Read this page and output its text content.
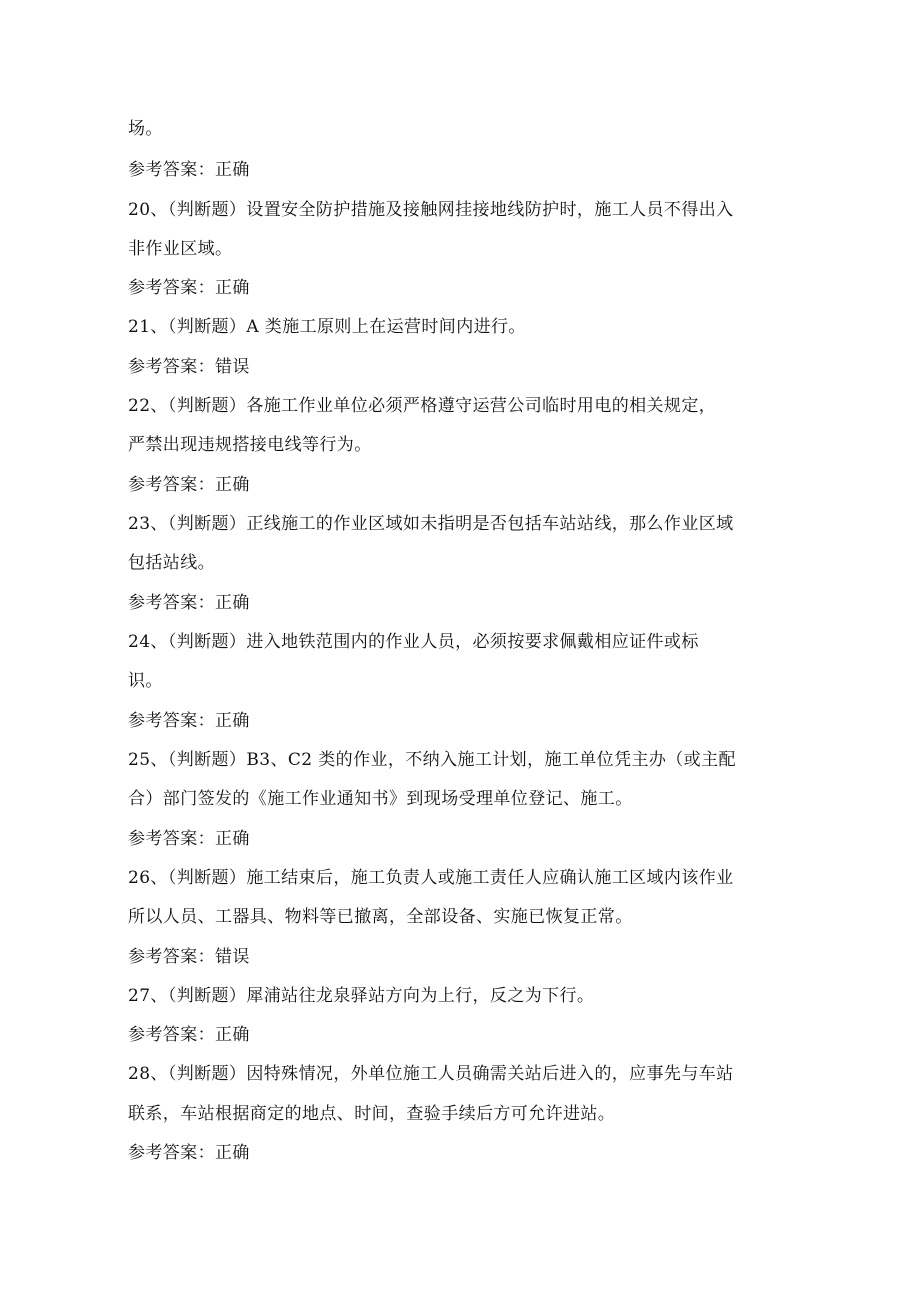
场。
参考答案：正确
20、（判断题）设置安全防护措施及接触网挂接地线防护时，施工人员不得出入
非作业区域。
参考答案：正确
21、（判断题）A 类施工原则上在运营时间内进行。
参考答案：错误
22、（判断题）各施工作业单位必须严格遵守运营公司临时用电的相关规定，
严禁出现违规搭接电线等行为。
参考答案：正确
23、（判断题）正线施工的作业区域如未指明是否包括车站站线，那么作业区域
包括站线。
参考答案：正确
24、（判断题）进入地铁范围内的作业人员，必须按要求佩戴相应证件或标
识。
参考答案：正确
25、（判断题）B3、C2 类的作业，不纳入施工计划，施工单位凭主办（或主配
合）部门签发的《施工作业通知书》到现场受理单位登记、施工。
参考答案：正确
26、（判断题）施工结束后，施工负责人或施工责任人应确认施工区域内该作业
所以人员、工器具、物料等已撤离，全部设备、实施已恢复正常。
参考答案：错误
27、（判断题）犀浦站往龙泉驿站方向为上行，反之为下行。
参考答案：正确
28、（判断题）因特殊情况，外单位施工人员确需关站后进入的，应事先与车站
联系，车站根据商定的地点、时间，查验手续后方可允许进站。
参考答案：正确
